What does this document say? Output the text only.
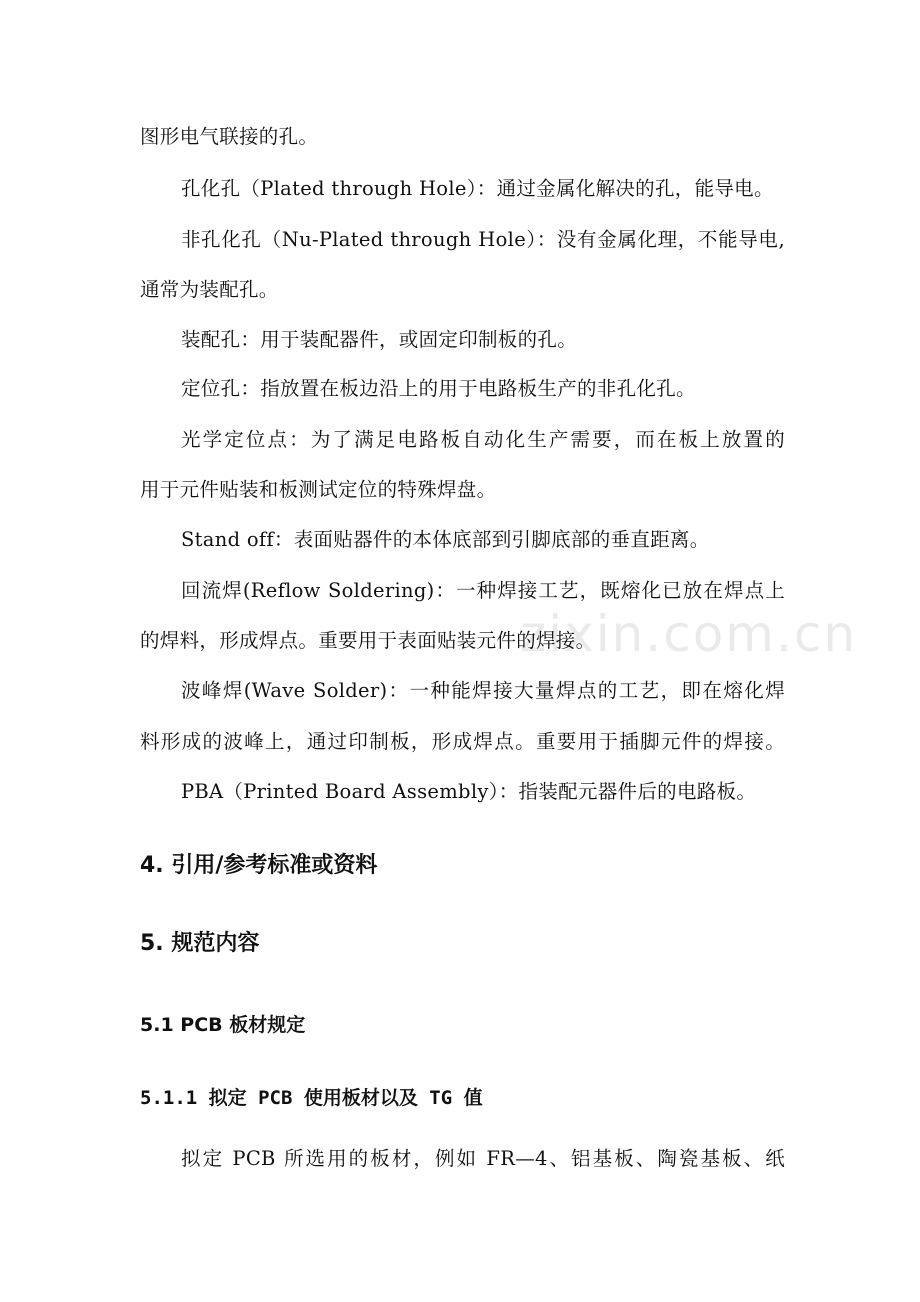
图形电气联接的孔。
孔化孔（Plated through Hole）：通过金属化解决的孔，能导电。
非孔化孔（Nu-Plated through Hole）：没有金属化理，不能导电,
通常为装配孔。
装配孔：用于装配器件，或固定印制板的孔。
定位孔：指放置在板边沿上的用于电路板生产的非孔化孔。
光学定位点：为了满足电路板自动化生产需要，而在板上放置的
用于元件贴装和板测试定位的特殊焊盘。
Stand off：表面贴器件的本体底部到引脚底部的垂直距离。
回流焊(Reflow Soldering)：一种焊接工艺，既熔化已放在焊点上
的焊料，形成焊点。重要用于表面贴装元件的焊接。
波峰焊(Wave Solder)：一种能焊接大量焊点的工艺，即在熔化焊
料形成的波峰上，通过印制板，形成焊点。重要用于插脚元件的焊接。
PBA（Printed Board Assembly）：指装配元器件后的电路板。
4. 引用/参考标准或资料
5. 规范内容
5.1 PCB 板材规定
5.1.1 拟定 PCB 使用板材以及 TG 值
拟定 PCB 所选用的板材，例如 FR—4、铝基板、陶瓷基板、纸
zixin.com.cn
